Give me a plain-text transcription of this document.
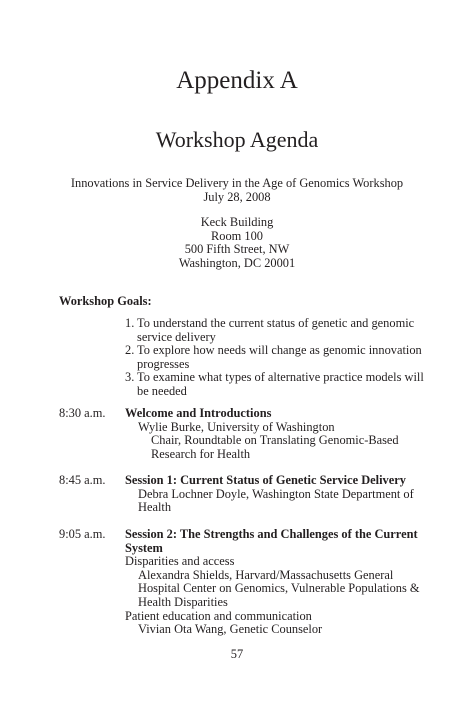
Appendix A
Workshop Agenda
Innovations in Service Delivery in the Age of Genomics Workshop
July 28, 2008
Keck Building
Room 100
500 Fifth Street, NW
Washington, DC 20001
Workshop Goals:
1. To understand the current status of genetic and genomic
service delivery
2. To explore how needs will change as genomic innovation
progresses
3. To examine what types of alternative practice models will
be needed
8:30 a.m. Welcome and Introductions
Wylie Burke, University of Washington
Chair, Roundtable on Translating Genomic-Based
Research for Health
8:45 a.m. Session 1: Current Status of Genetic Service Delivery
Debra Lochner Doyle, Washington State Department of
Health
9:05 a.m. Session 2: The Strengths and Challenges of the Current
System
Disparities and access
Alexandra Shields, Harvard/Massachusetts General
Hospital Center on Genomics, Vulnerable Populations &
Health Disparities
Patient education and communication
Vivian Ota Wang, Genetic Counselor
57
